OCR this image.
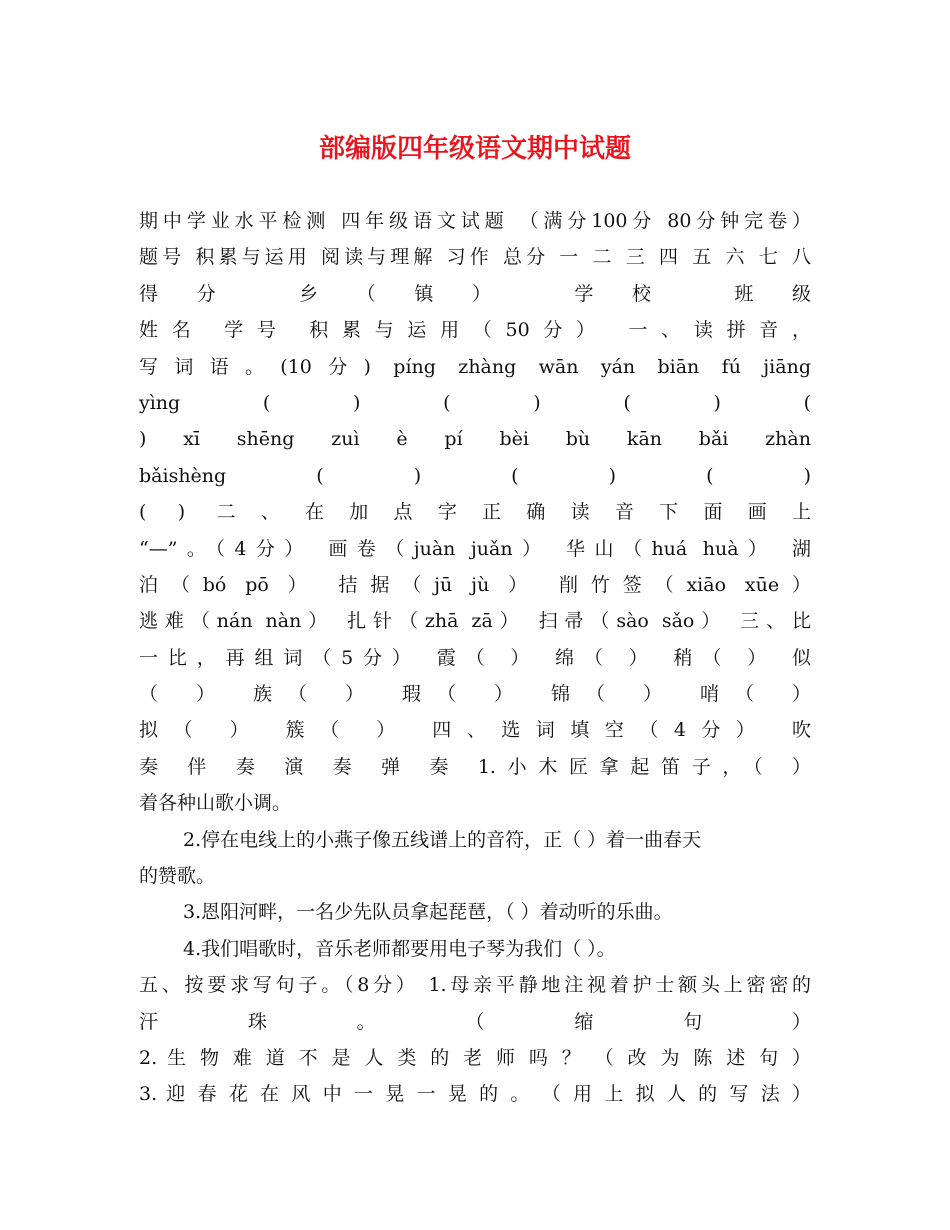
部编版四年级语文期中试题
期中学业水平检测 四年级语文试题 （满分100分 80分钟完卷）
题号 积累与运用 阅读与理解 习作 总分 一 二 三 四 五 六 七 八
得分 乡（镇） 学校 班级
姓名 学号 积累与运用（50分） 一、读拼音，
写词语。(10分) píng zhàng wān yán biān fú jiāng
yìng ( ) ( ) ( ) (
) xī shēng zuì è pí bèi bù kān bǎi zhàn
bǎishèng ( ) ( ) ( )
( ) 二、在加点字正确读音下面画上
“—”。（4分） 画卷（juàn juǎn） 华山（huá huà） 湖
泊（bó pō ） 拮据（jū jù ） 削竹签（xiāo xūe）
逃难（nán nàn） 扎针（zhā zā） 扫帚（sào sǎo） 三、比
一比，再组词（5分） 霞（ ） 绵（ ） 稍（ ） 似
（ ） 族（ ） 瑕（ ） 锦（ ） 哨（ ）
拟（ ） 簇（ ） 四、选词填空（4分） 吹
奏 伴 奏 演 奏 弹 奏 1.小木匠拿起笛子，（ ）
着各种山歌小调。
2.停在电线上的小燕子像五线谱上的音符，正（ ）着一曲春天
的赞歌。
3.恩阳河畔，一名少先队员拿起琵琶，（ ）着动听的乐曲。
4.我们唱歌时，音乐老师都要用电子琴为我们（ ）。
五、按要求写句子。（8分） 1.母亲平静地注视着护士额头上密密的
汗 珠 。 （ 缩 句 ）
2. 生 物 难 道 不 是 人 类 的 老 师 吗 ？ （ 改 为 陈 述 句 ）
3. 迎 春 花 在 风 中 一 晃 一 晃 的 。 （ 用 上 拟 人 的 写 法 ）
